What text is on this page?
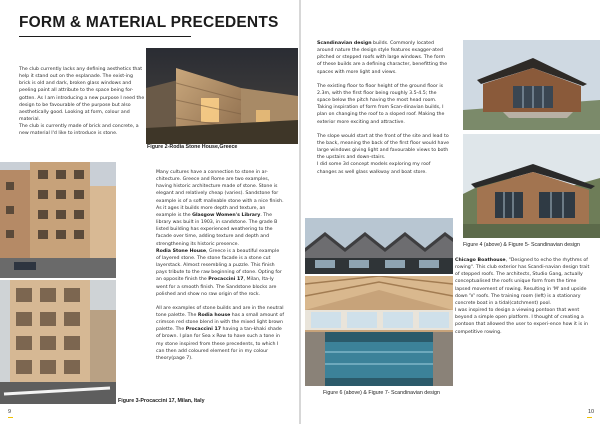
FORM & MATERIAL PRECEDENTS

The club currently lacks any defining aesthetics that help it stand out on the esplanade. The exist-ing brick is old and dark, broken glass windows and peeling paint all attribute to the space being for-gotten. As I am introducing a new purpose I need the design to be favourable of the purpose but also aesthetically good. Looking at form, colour and material.

The club is currently made of brick and concrete, a new material I'd like to introduce is stone.

Figure 2-Rodia Stone House,Greece
Figure 3-Procaccini 17, Milan, Italy

Many cultures have a connection to stone in ar-chitecture. Greece and Rome are two examples, having historic architecture made of stone. Stone is elegant and relatively cheap (varies). Sandstone for example is of a soft malleable stone with a nice finish. As it ages it builds more depth and texture, an example is the Glasgow Women's Library. The library was built in 1903, in sandstone. The grade B listed building has experienced weathering to the facade over time, adding texture and depth and strengthening its historic presence.

Rodia Stone House, Greece is a beautiful example of layered stone. The stone facade is a stone cut layerstack. Almost resembling a puzzle. This finish pays tribute to the raw beginning of stone. Opting for an opposite finish the Procaccini 17, Milan, Ita-ly went for a smooth finish. The Sandstone blocks are polished and show no raw origin of the rock.

All are examples of stone builds and are in the neutral tone palette. The Rodia house has a small amount of crimson red stone blend in with the mixed light brown palette. The Procaccini 17 having a tan-khaki shade of brown. I plan for Sea x Row to have such a tone in my stone inspired from these precedents, to which I can then add coloured element for in my colour theory(page 7).

9

Scandinavian design builds. Commonly located around nature the design style features exagger-ated pitched or stepped roofs with large windows. The form of these builds are a defining character, benefitting the spaces with more light and views.

The existing floor to floor height of the ground floor is 2.3m, with the first floor being roughly 3.5-4.5; the space below the pitch having the most head room. Taking inspiration of form from Scan-dinavian builds, I plan on changing the roof to a sloped roof. Making the exterior more exciting and attractive.

The slope would start at the front of the site and lead to the back, meaning the back of the first floor would have large windows giving light and favourable views to both the upstairs and down-stairs.

I did some 3d concept models exploring my roof changes as well glass walkway and boat store.

Figure 4 (above) & Figure 5- Scandinavian design
Figure 6 (above) & Figure 7- Scandinavian design

Chicago Boathouse, "Designed to echo the rhythms of rowing". This club exterior has Scandi-navian design trait of stepped roofs. The architects, Studio Gang, actually conceptualised the roofs unique form from the time lapsed movement of rowing. Resulting in 'M' and upside down 'V' roofs. The training room (left) is a stationary concrete boat in a tidal(catchment) pool.

I was inspired to design a viewing pontoon that went beyond a simple open platform. I thought of creating a pontoon that allowed the user to experi-ence how it is in competitive rowing.

10
